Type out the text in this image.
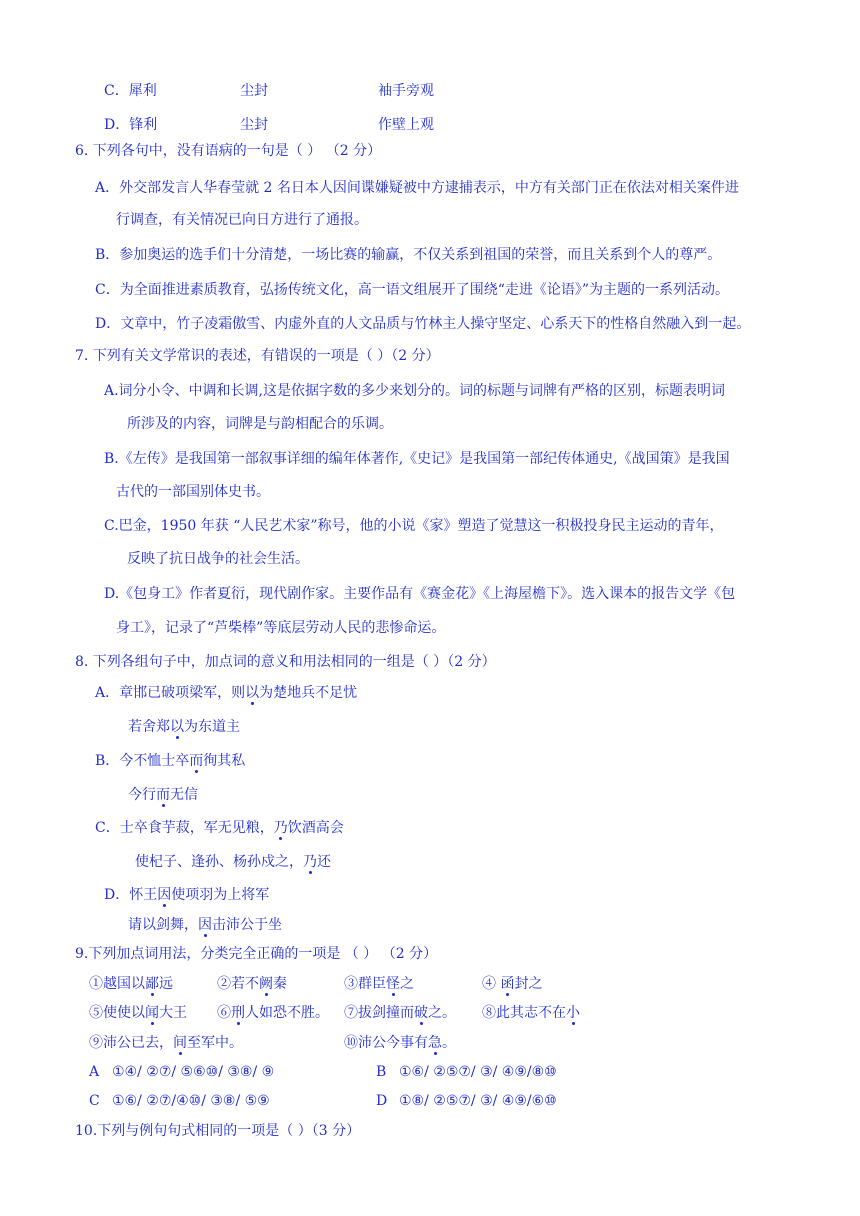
C．犀利	尘封	袖手旁观
D．锋利	尘封	作壁上观
6. 下列各句中，没有语病的一句是（ ） （2 分）
A．外交部发言人华春莹就 2 名日本人因间谍嫌疑被中方逮捕表示，中方有关部门正在依法对相关案件进
行调查，有关情况已向日方进行了通报。
B．参加奥运的选手们十分清楚，一场比赛的输赢，不仅关系到祖国的荣誉，而且关系到个人的尊严。
C．为全面推进素质教育，弘扬传统文化，高一语文组展开了围绕“走进《论语》”为主题的一系列活动。
D．文章中，竹子凌霜傲雪、内虚外直的人文品质与竹林主人操守坚定、心系天下的性格自然融入到一起。
7. 下列有关文学常识的表述，有错误的一项是（ ）（2 分）
A.词分小令、中调和长调,这是依据字数的多少来划分的。词的标题与词牌有严格的区别，标题表明词
所涉及的内容，词牌是与韵相配合的乐调。
B.《左传》是我国第一部叙事详细的编年体著作,《史记》是我国第一部纪传体通史,《战国策》是我国
古代的一部国别体史书。
C.巴金，1950 年获 “人民艺术家”称号，他的小说《家》塑造了觉慧这一积极投身民主运动的青年，
反映了抗日战争的社会生活。
D.《包身工》作者夏衍，现代剧作家。主要作品有《赛金花》《上海屋檐下》。选入课本的报告文学《包
身工》，记录了“芦柴棒”等底层劳动人民的悲惨命运。
8. 下列各组句子中，加点词的意义和用法相同的一组是（ ）（2 分）
A．章邯已破项梁军，则以为楚地兵不足忧
若舍郑以为东道主
B．今不恤士卒而徇其私
今行而无信
C．士卒食芋菽，军无见粮，乃饮酒高会
使杞子、逢孙、杨孙戍之，乃还
D．怀王因使项羽为上将军
请以剑舞，因击沛公于坐
9.下列加点词用法，分类完全正确的一项是 （ ） （2 分）
①越国以鄙远	②若不阙秦	③群臣怪之	④ 函封之
⑤使使以闻大王 ⑥刑人如恐不胜。 ⑦拔剑撞而破之。 ⑧此其志不在小
⑨沛公已去，间至军中。	⑩沛公今事有急。
A ①④/ ②⑦/ ⑤⑥⑩/ ③⑧/ ⑨	B ①⑥/ ②⑤⑦/ ③/ ④⑨/⑧⑩
C ①⑥/ ②⑦/④⑩/ ③⑧/ ⑤⑨	D ①⑧/ ②⑤⑦/ ③/ ④⑨/⑥⑩
10.下列与例句句式相同的一项是（ ）（3 分）
